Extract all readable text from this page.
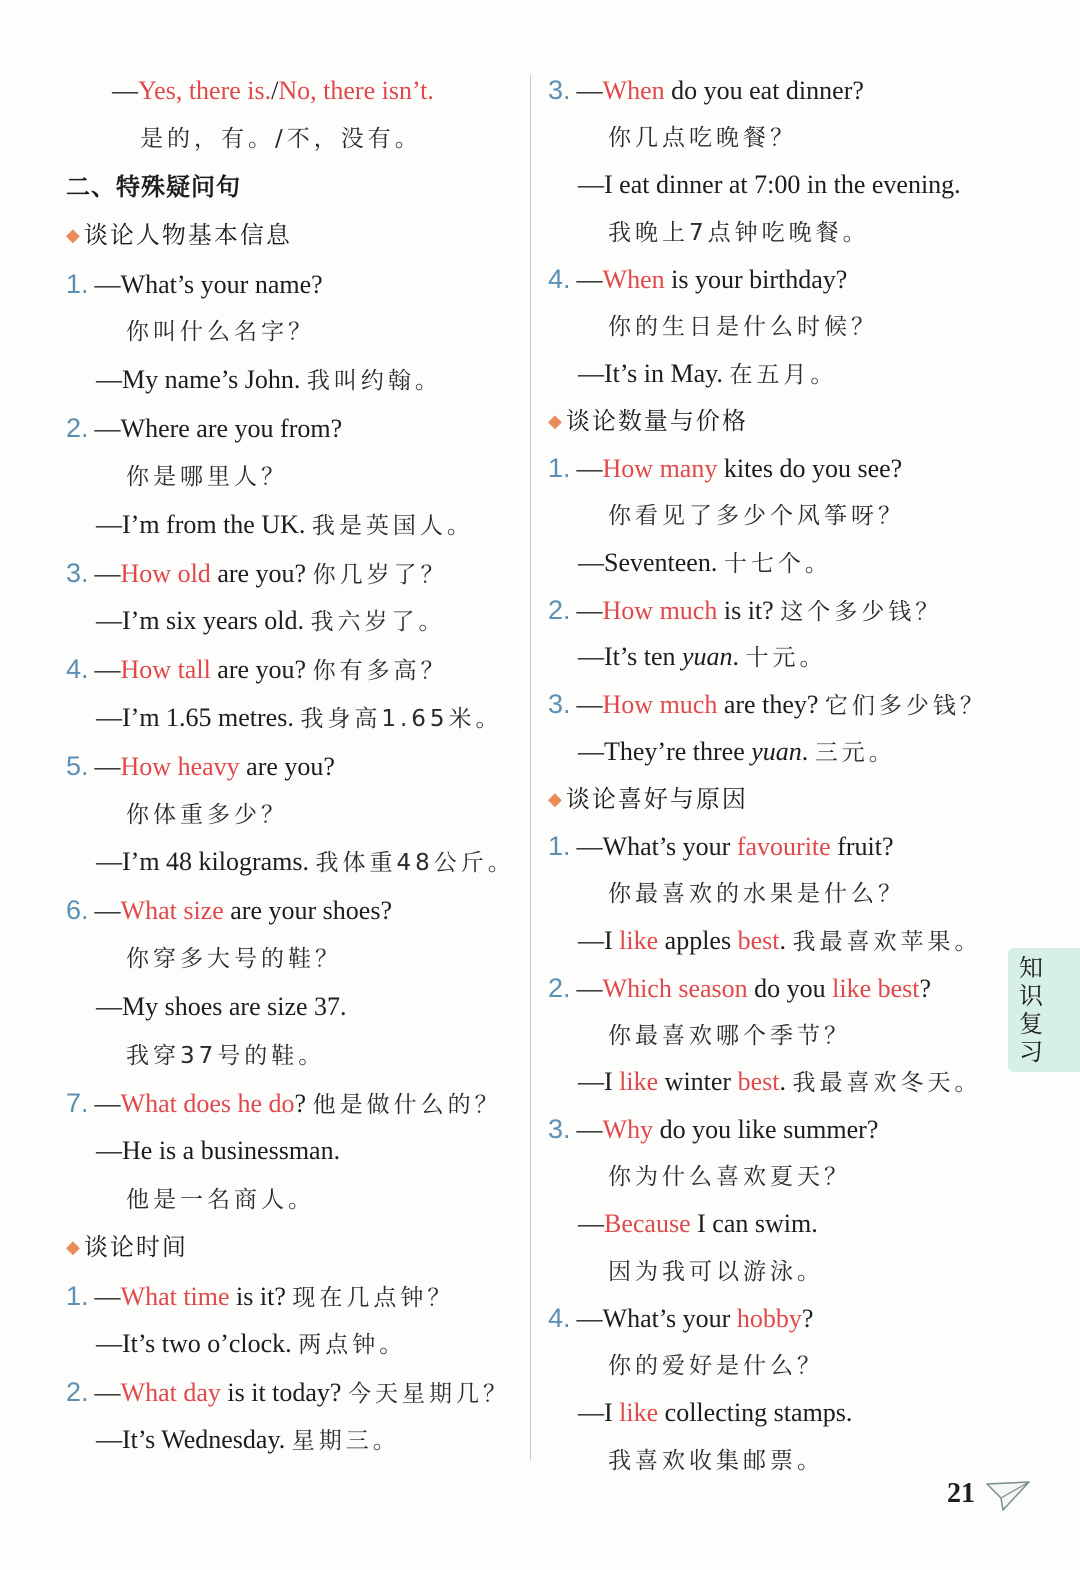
—Yes, there is./No, there isn’t.
是的，有。/不，没有。
二、特殊疑问句
◆ 谈论人物基本信息
1. —What’s your name?
你叫什么名字？
—My name’s John. 我叫约翰。
2. —Where are you from?
你是哪里人？
—I’m from the UK. 我是英国人。
3. —How old are you? 你几岁了？
—I’m six years old. 我六岁了。
4. —How tall are you? 你有多高？
—I’m 1.65 metres. 我身高1.65米。
5. —How heavy are you?
你体重多少？
—I’m 48 kilograms. 我体重48公斤。
6. —What size are your shoes?
你穿多大号的鞋？
—My shoes are size 37.
我穿37号的鞋。
7. —What does he do? 他是做什么的？
—He is a businessman.
他是一名商人。
◆ 谈论时间
1. —What time is it? 现在几点钟？
—It’s two o’clock. 两点钟。
2. —What day is it today? 今天星期几？
—It’s Wednesday. 星期三。
3. —When do you eat dinner?
你几点吃晚餐？
—I eat dinner at 7:00 in the evening.
我晚上7点钟吃晚餐。
4. —When is your birthday?
你的生日是什么时候？
—It’s in May. 在五月。
◆ 谈论数量与价格
1. —How many kites do you see?
你看见了多少个风筝呀？
—Seventeen. 十七个。
2. —How much is it? 这个多少钱？
—It’s ten yuan. 十元。
3. —How much are they? 它们多少钱？
—They’re three yuan. 三元。
◆ 谈论喜好与原因
1. —What’s your favourite fruit?
你最喜欢的水果是什么？
—I like apples best. 我最喜欢苹果。
2. —Which season do you like best?
你最喜欢哪个季节？
—I like winter best. 我最喜欢冬天。
3. —Why do you like summer?
你为什么喜欢夏天？
—Because I can swim.
因为我可以游泳。
4. —What’s your hobby?
你的爱好是什么？
—I like collecting stamps.
我喜欢收集邮票。
知识复习
21
